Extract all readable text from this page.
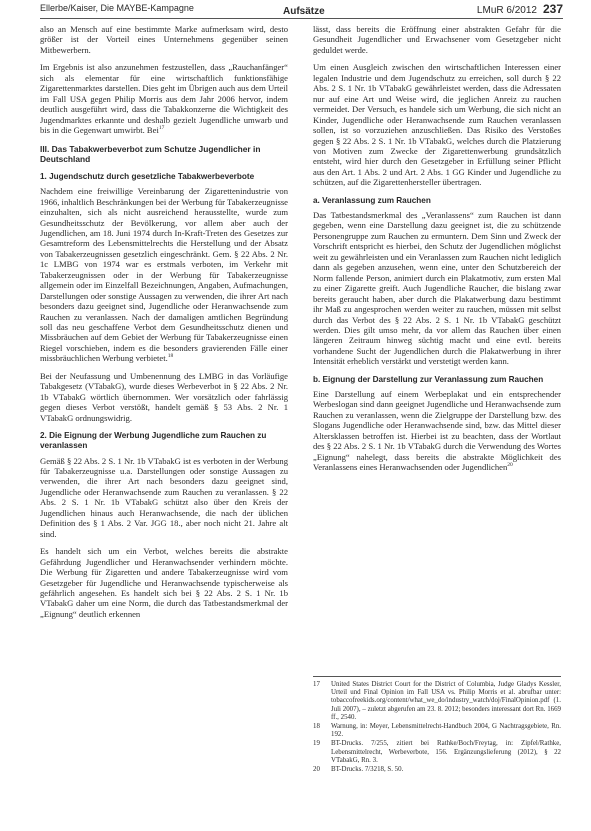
Ellerbe/Kaiser, Die MAYBE-Kampagne	Aufsätze	LMuR 6/2012 237

also an Mensch auf eine bestimmte Marke aufmerksam wird, desto größer ist der Vorteil eines Unternehmens gegenüber seinen Mitbewerbern.

Im Ergebnis ist also anzunehmen festzustellen, dass „Rauchanfänger“ sich als elementar für eine wirtschaftlich funktionsfähige Zigarettenmarktes darstellen. Dies geht im Übrigen auch aus dem Urteil im Fall USA gegen Philip Morris aus dem Jahr 2006 hervor, indem deutlich ausgeführt wird, dass die Tabakkonzerne die Wichtigkeit des Jugendmarktes erkannte und deshalb gezielt Jugendliche umwarb und bis in die Gegenwart umwirbt. Bei$^{17}$

III. Das Tabakwerbeverbot zum Schutze Jugendlicher in Deutschland
1. Jugendschutz durch gesetzliche Tabakwerbeverbote

Nachdem eine freiwillige Vereinbarung der Zigarettenindustrie von 1966, inhaltlich Beschränkungen bei der Werbung für Tabakerzeugnisse einzuhalten, sich als nicht ausreichend herausstellte, wurde zum Gesundheitsschutz der Bevölkerung, vor allem aber auch der Jugendlichen, am 18. Juni 1974 durch In-Kraft-Treten des Gesetzes zur Gesamtreform des Lebensmittelrechts die Herstellung und der Absatz von Tabakerzeugnissen gesetzlich eingeschränkt. Gem. § 22 Abs. 2 Nr. 1c LMBG von 1974 war es erstmals verboten, im Verkehr mit Tabakerzeugnissen oder in der Werbung für Tabakerzeugnisse allgemein oder im Einzelfall Bezeichnungen, Angaben, Aufmachungen, Darstellungen oder sonstige Aussagen zu verwenden, die ihrer Art nach besonders dazu geeignet sind, Jugendliche oder Heranwachsende zum Rauchen zu veranlassen. Nach der damaligen amtlichen Begründung soll das neu geschaffene Verbot dem Gesundheitsschutz dienen und Missbräuchen auf dem Gebiet der Werbung für Tabakerzeugnisse einen Riegel vorschieben, indem es die besonders gravierenden Fälle einer missbräuchlichen Werbung verbietet.$^{18}$

Bei der Neufassung und Umbenennung des LMBG in das Vorläufige Tabakgesetz (VTabakG), wurde dieses Werbeverbot in § 22 Abs. 2 Nr. 1b VTabakG wörtlich übernommen. Wer vorsätzlich oder fahrlässig gegen dieses Verbot verstößt, handelt gemäß § 53 Abs. 2 Nr. 1 VTabakG ordnungswidrig.

2. Die Eignung der Werbung Jugendliche zum Rauchen zu veranlassen

Gemäß § 22 Abs. 2 S. 1 Nr. 1b VTabakG ist es verboten in der Werbung für Tabakerzeugnisse u.a. Darstellungen oder sonstige Aussagen zu verwenden, die ihrer Art nach besonders dazu geeignet sind, Jugendliche oder Heranwachsende zum Rauchen zu veranlassen. § 22 Abs. 2 S. 1 Nr. 1b VTabakG schützt also über den Kreis der Jugendlichen hinaus auch Heranwachsende, die nach der üblichen Definition des § 1 Abs. 2 Var. JGG 18., aber noch nicht 21. Jahre alt sind.

Es handelt sich um ein Verbot, welches bereits die abstrakte Gefährdung Jugendlicher und Heranwachsender verhindern möchte. Die Werbung für Zigaretten und andere Tabakerzeugnisse wird vom Gesetzgeber für Jugendliche und Heranwachsende typischerweise als gefährlich angesehen. Es handelt sich bei § 22 Abs. 2 S. 1 Nr. 1b VTabakG daher um eine Norm, die durch das Tatbestandsmerkmal der „Eignung“ deutlich erkennen

lässt, dass bereits die Eröffnung einer abstrakten Gefahr für die Gesundheit Jugendlicher und Erwachsener vom Gesetzgeber nicht geduldet werde.

Um einen Ausgleich zwischen den wirtschaftlichen Interessen einer legalen Industrie und dem Jugendschutz zu erreichen, soll durch § 22 Abs. 2 S. 1 Nr. 1b VTabakG gewährleistet werden, dass die Adressaten nur auf eine Art und Weise wird, die jeglichen Anreiz zu rauchen vermeidet. Der Versuch, es handele sich um Werbung, die sich nicht an Kinder, Jugendliche oder Heranwachsende zum Rauchen veranlassen sollen, ist so vorzuziehen anzuschließen. Das Risiko des Verstoßes gegen § 22 Abs. 2 S. 1 Nr. 1b VTabakG, welches durch die Platzierung von Motiven zum Zwecke der Zigarettenwerbung grundsätzlich entsteht, wird hier durch den Gesetzgeber in Erfüllung seiner Pflicht aus den Art. 1 Abs. 2 und Art. 2 Abs. 1 GG Kinder und Jugendliche zu schützen, auf die Zigarettenhersteller übertragen.

a. Veranlassung zum Rauchen

Das Tatbestandsmerkmal des „Veranlassens“ zum Rauchen ist dann gegeben, wenn eine Darstellung dazu geeignet ist, die zu schützende Personengruppe zum Rauchen zu ermuntern. Dem Sinn und Zweck der Vorschrift entspricht es hierbei, den Schutz der Jugendlichen möglichst weit zu gewährleisten und ein Veranlassen zum Rauchen nicht lediglich dann als gegeben anzusehen, wenn eine, unter den Schutzbereich der Norm fallende Person, animiert durch ein Plakatmotiv, zum ersten Mal zu einer Zigarette greift. Auch Jugendliche Raucher, die bislang zwar bereits geraucht haben, aber durch die Plakatwerbung dazu bestimmt ihr Maß zu angesprochen werden weiter zu rauchen, müssen mit selbst durch das Verbot des § 22 Abs. 2 S. 1 Nr. 1b VTabakG geschützt werden. Dies gilt umso mehr, da vor allem das Rauchen über einen längeren Zeitraum hinweg süchtig macht und eine evtl. bereits vorhandene Sucht der Jugendlichen durch die Plakatwerbung in ihrer Intensität erheblich verstärkt und verstetigt werden kann.

b. Eignung der Darstellung zur Veranlassung zum Rauchen

Eine Darstellung auf einem Werbeplakat und ein entsprechender Werbeslogan sind dann geeignet Jugendliche und Heranwachsende zum Rauchen zu veranlassen, wenn die Zielgruppe der Darstellung bzw. des Slogans Jugendliche oder Heranwachsende sind, bzw. das Mittel dieser Altersklassen betroffen ist. Hierbei ist zu beachten, dass der Wortlaut des § 22 Abs. 2 S. 1 Nr. 1b VTabakG durch die Verwendung des Wortes „Eignung“ nahelegt, dass bereits die abstrakte Möglichkeit des Veranlassens eines Heranwachsenden oder Jugendlichen$^{20}$

17	United States District Court for the District of Columbia, Judge Gladys Kessler, Urteil und Final Opinion im Fall USA vs. Philip Morris et al. abrufbar unter: tobaccofreekids.org/content/what_we_do/industry_watch/doj/FinalOpinion.pdf (1. Juli 2007), – zuletzt abgerufen am 23. 8. 2012; besonders interessant dort Rn. 1669 ff., 2540.
18	Warnung, in: Meyer, Lebensmittelrecht-Handbuch 2004, G Nachtragsgebiete, Rn. 192.
19	BT-Drucks. 7/255, zitiert bei Rathke/Boch/Freytag, in: Zipfel/Rathke, Lebensmittelrecht, Werbeverbote, 156. Ergänzungslieferung (2012), § 22 VTabakG, Rn. 3.
20	BT-Drucks. 7/3218, S. 50.
